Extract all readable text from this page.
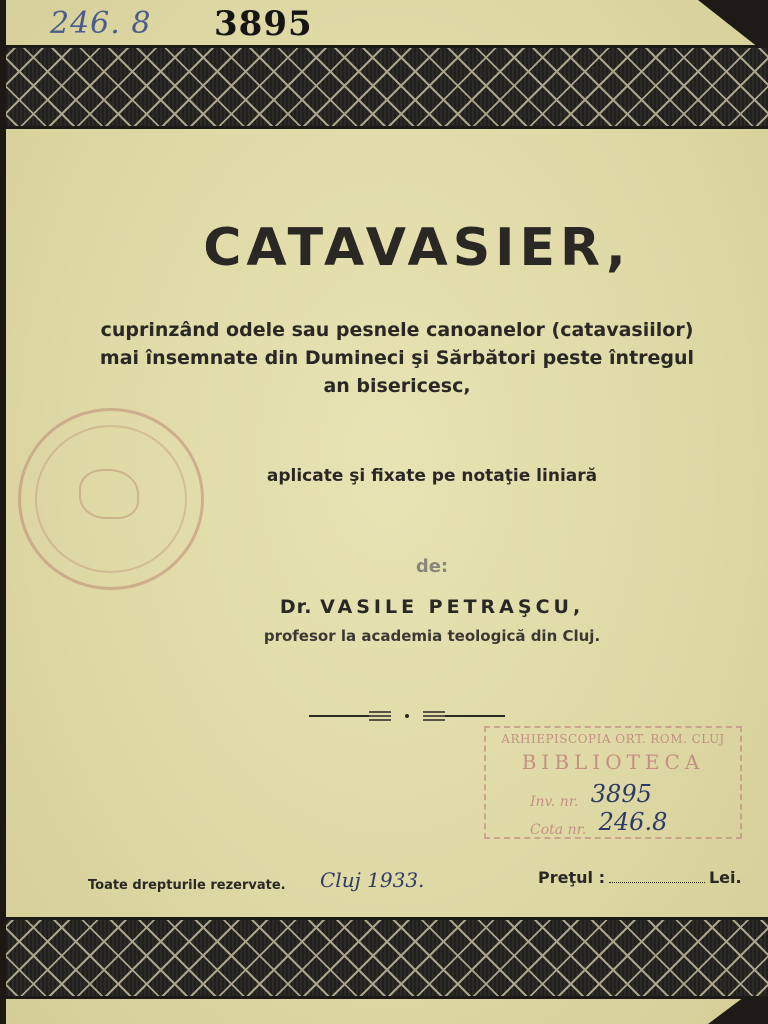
246. 8 3895
CATAVASIER,
cuprinzând odele sau pesnele canoanelor (catavasiilor)
mai însemnate din Dumineci şi Sărbători peste întregul
an bisericesc,
aplicate şi fixate pe notaţie liniară
de:
Dr. VASILE PETRAŞCU,
profesor la academia teologică din Cluj.
ARHIEPISCOPIA ORT. ROM. CLUJ
BIBLIOTECA
Inv. nr. 3895
Cota nr. 246.8
Toate drepturile rezervate. Cluj 1933.	Preţul :	Lei.
